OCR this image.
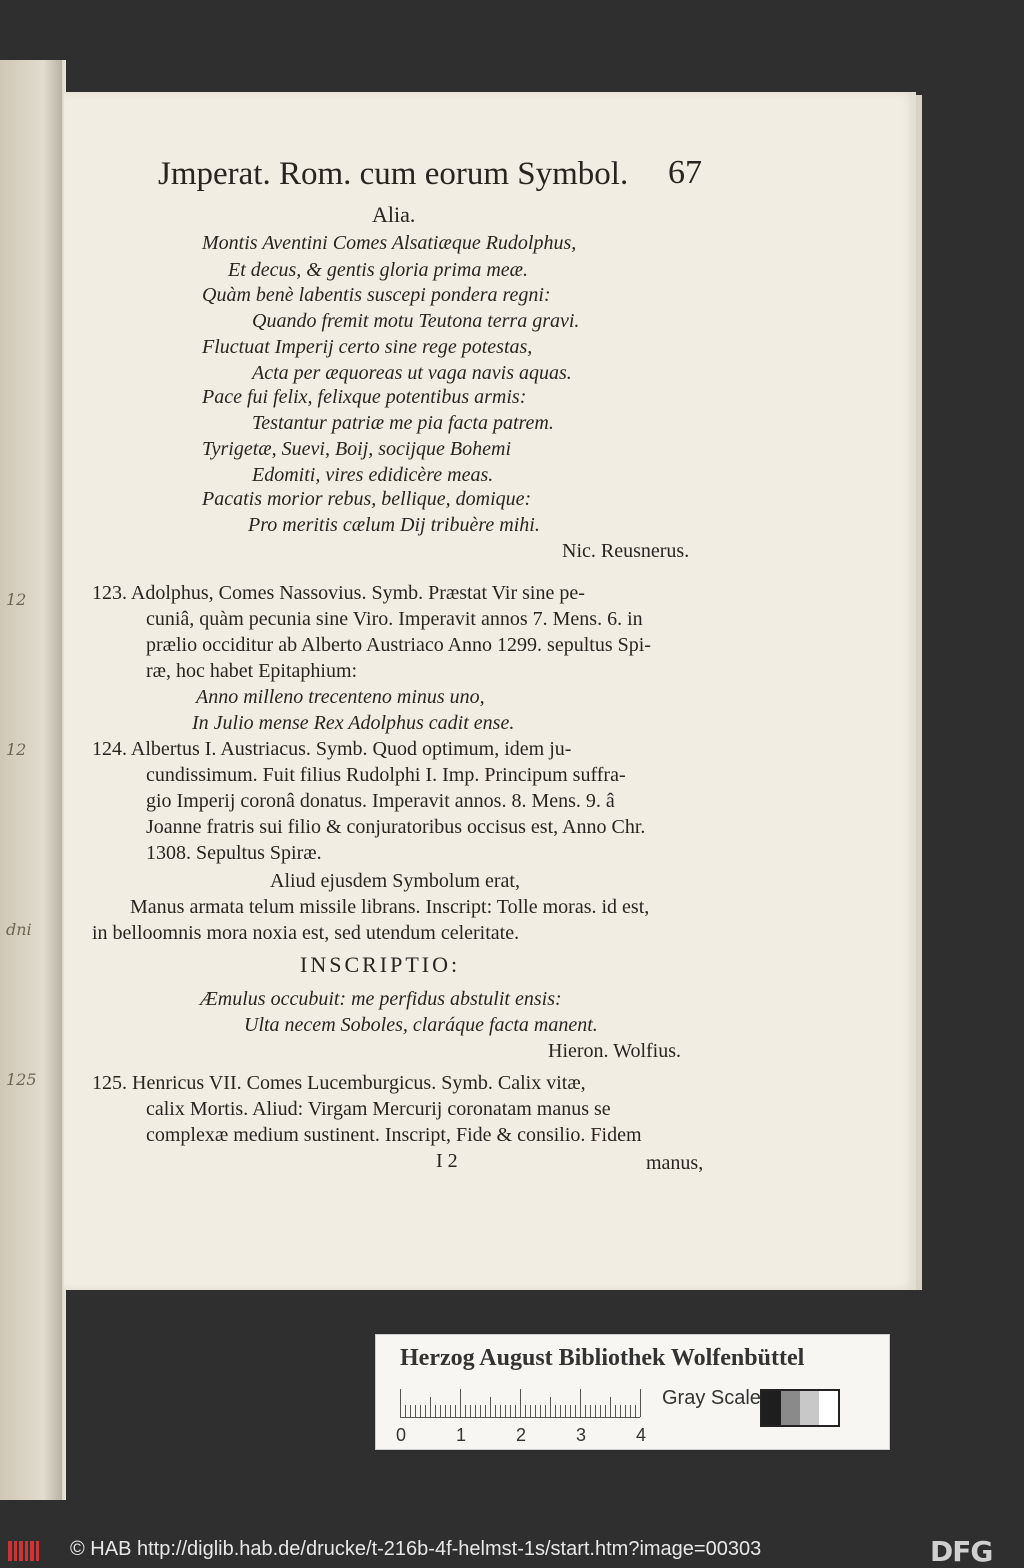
12
12
dni
125
Jmperat. Rom. cum eorum Symbol. 67
Alia.
Montis Aventini Comes Alsatiæque Rudolphus,
Et decus, & gentis gloria prima meæ.
Quàm benè labentis suscepi pondera regni:
Quando fremit motu Teutona terra gravi.
Fluctuat Imperij certo sine rege potestas,
Acta per æquoreas ut vaga navis aquas.
Pace fui felix, felixque potentibus armis:
Testantur patriæ me pia facta patrem.
Tyrigetæ, Suevi, Boij, socijque Bohemi
Edomiti, vires edidicère meas.
Pacatis morior rebus, bellique, domique:
Pro meritis cælum Dij tribuère mihi.
Nic. Reusnerus.
123. Adolphus, Comes Nassovius. Symb. Præstat Vir sine pe-
cuniâ, quàm pecunia sine Viro. Imperavit annos 7. Mens. 6. in
prælio occiditur ab Alberto Austriaco Anno 1299. sepultus Spi-
ræ, hoc habet Epitaphium:
Anno milleno trecenteno minus uno,
In Julio mense Rex Adolphus cadit ense.
124. Albertus I. Austriacus. Symb. Quod optimum, idem ju-
cundissimum. Fuit filius Rudolphi I. Imp. Principum suffra-
gio Imperij coronâ donatus. Imperavit annos. 8. Mens. 9. â
Joanne fratris sui filio & conjuratoribus occisus est, Anno Chr.
1308. Sepultus Spiræ.
Aliud ejusdem Symbolum erat,
Manus armata telum missile librans. Inscript: Tolle moras. id est,
in belloomnis mora noxia est, sed utendum celeritate.
INSCRIPTIO:
Æmulus occubuit: me perfidus abstulit ensis:
Ulta necem Soboles, claráque facta manent.
Hieron. Wolfius.
125. Henricus VII. Comes Lucemburgicus. Symb. Calix vitæ,
calix Mortis. Aliud: Virgam Mercurij coronatam manus se
complexæ medium sustinent. Inscript, Fide & consilio. Fidem
I 2	manus,
Herzog August Bibliothek Wolfenbüttel
0	1	2	3	4
Gray Scale
© HAB http://diglib.hab.de/drucke/t-216b-4f-helmst-1s/start.htm?image=00303	DFG
